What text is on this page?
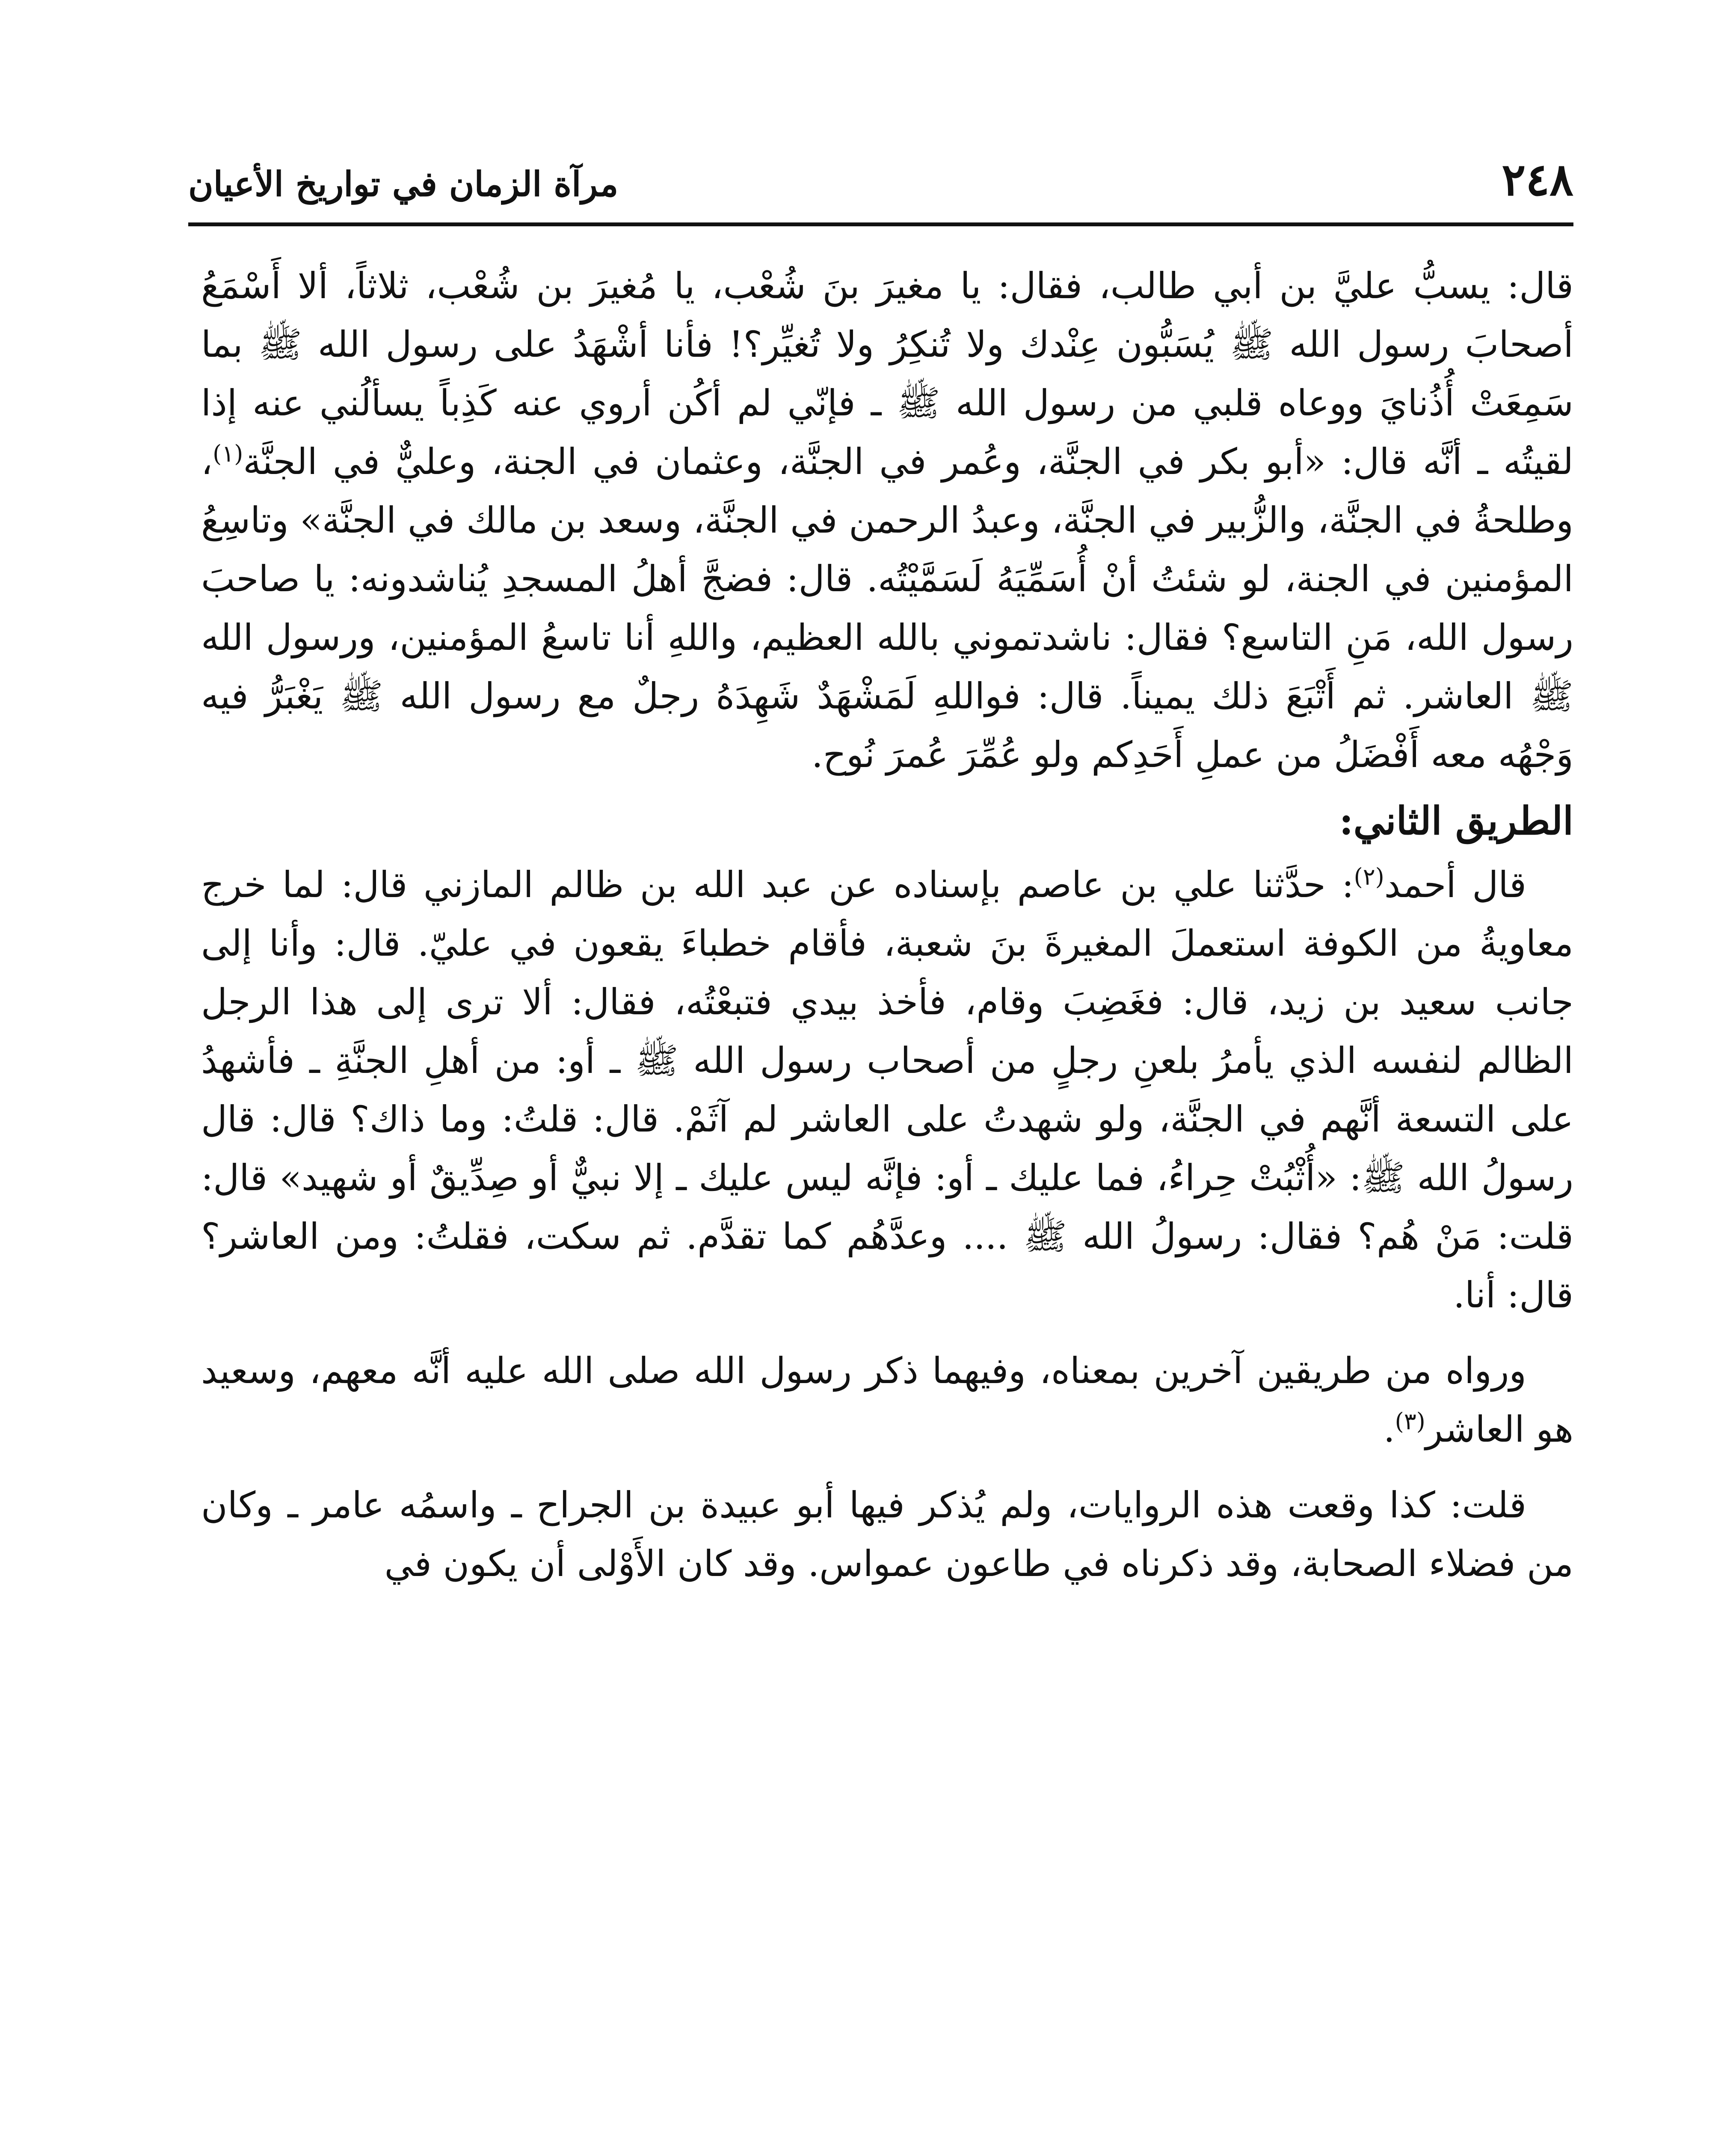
٢٤٨
مرآة الزمان في تواريخ الأعيان

قال: يسبُّ عليَّ بن أبي طالب، فقال: يا مغيرَ بنَ شُعْب، يا مُغيرَ بن شُعْب، ثلاثاً، ألا أَسْمَعُ أصحابَ رسول الله ﷺ يُسَبُّون عِنْدك ولا تُنكِرُ ولا تُغيِّر؟! فأنا أشْهَدُ على رسول الله ﷺ بما سَمِعَتْ أُذُنايَ ووعاه قلبي من رسول الله ﷺ ـ فإنّي لم أكُن أروي عنه كَذِباً يسألُني عنه إذا لقيتُه ـ أنَّه قال: «أبو بكر في الجنَّة، وعُمر في الجنَّة، وعثمان في الجنة، وعليٌّ في الجنَّة$^{(١)}$، وطلحةُ في الجنَّة، والزُّبير في الجنَّة، وعبدُ الرحمن في الجنَّة، وسعد بن مالك في الجنَّة» وتاسِعُ المؤمنين في الجنة، لو شئتُ أنْ أُسَمِّيَهُ لَسَمَّيْتُه. قال: فضجَّ أهلُ المسجدِ يُناشدونه: يا صاحبَ رسول الله، مَنِ التاسع؟ فقال: ناشدتموني بالله العظيم، واللهِ أنا تاسعُ المؤمنين، ورسول الله ﷺ العاشر. ثم أَتْبَعَ ذلك يميناً. قال: فواللهِ لَمَشْهَدٌ شَهِدَهُ رجلٌ مع رسول الله ﷺ يَغْبَرُّ فيه وَجْهُه معه أَفْضَلُ من عملِ أَحَدِكم ولو عُمِّرَ عُمرَ نُوح.

الطريق الثاني:

قال أحمد$^{(٢)}$: حدَّثنا علي بن عاصم بإسناده عن عبد الله بن ظالم المازني قال: لما خرج معاويةُ من الكوفة استعملَ المغيرةَ بنَ شعبة، فأقام خطباءَ يقعون في عليّ. قال: وأنا إلى جانب سعيد بن زيد، قال: فغَضِبَ وقام، فأخذ بيدي فتبعْتُه، فقال: ألا ترى إلى هذا الرجل الظالم لنفسه الذي يأمرُ بلعنِ رجلٍ من أصحاب رسول الله ﷺ ـ أو: من أهلِ الجنَّةِ ـ فأشهدُ على التسعة أنَّهم في الجنَّة، ولو شهدتُ على العاشر لم آثَمْ. قال: قلتُ: وما ذاك؟ قال: قال رسولُ الله ﷺ: «أُثْبُتْ حِراءُ، فما عليك ـ أو: فإنَّه ليس عليك ـ إلا نبيٌّ أو صِدِّيقٌ أو شهيد» قال: قلت: مَنْ هُم؟ فقال: رسولُ الله ﷺ .... وعدَّهُم كما تقدَّم. ثم سكت، فقلتُ: ومن العاشر؟ قال: أنا.

ورواه من طريقين آخرين بمعناه، وفيهما ذكر رسول الله صلى الله عليه أنَّه معهم، وسعيد هو العاشر$^{(٣)}$.

قلت: كذا وقعت هذه الروايات، ولم يُذكر فيها أبو عبيدة بن الجراح ـ واسمُه عامر ـ وكان من فضلاء الصحابة، وقد ذكرناه في طاعون عمواس. وقد كان الأَوْلى أن يكون في
